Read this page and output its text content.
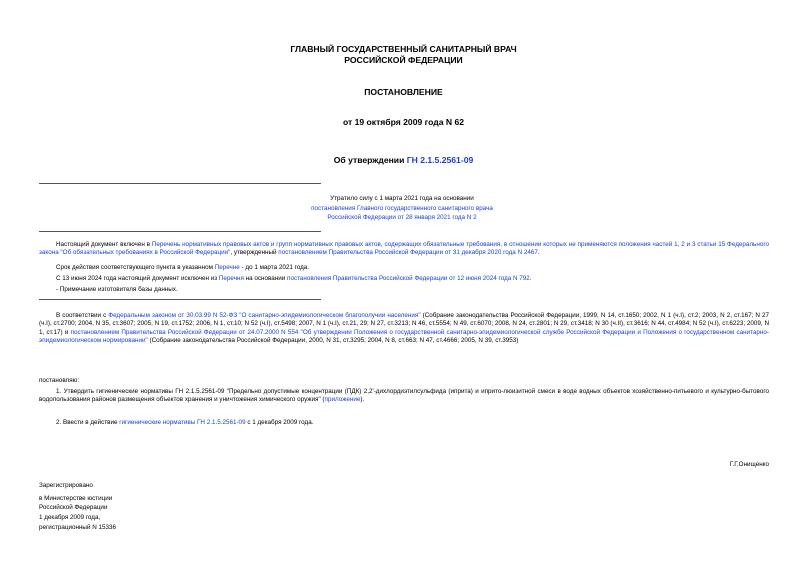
ГЛАВНЫЙ ГОСУДАРСТВЕННЫЙ САНИТАРНЫЙ ВРАЧ
РОССИЙСКОЙ ФЕДЕРАЦИИ
ПОСТАНОВЛЕНИЕ
от 19 октября 2009 года N 62
Об утверждении ГН 2.1.5.2561-09
Утратило силу с 1 марта 2021 года на основании
постановления Главного государственного санитарного врача
Российской Федерации от 28 января 2021 года N 2
Настоящий документ включен в Перечень нормативных правовых актов и групп нормативных правовых актов, содержащих обязательные требования, в отношении которых не применяются положения частей 1, 2 и 3 статьи 15 Федерального закона "Об обязательных требованиях в Российской Федерации", утвержденный постановлением Правительства Российской Федерации от 31 декабря 2020 года N 2467.
Срок действия соответствующего пункта в указанном Перечне - до 1 марта 2021 года.
С 13 июня 2024 года настоящий документ исключен из Перечня на основании постановления Правительства Российской Федерации от 12 июня 2024 года N 792.
- Примечание изготовителя базы данных.
В соответствии с Федеральным законом от 30.03.99 N 52-ФЗ "О санитарно-эпидемиологическом благополучии населения" (Собрание законодательства Российской Федерации, 1999, N 14, ст.1650; 2002, N 1 (ч.I), ст.2; 2003, N 2, ст.167; N 27 (ч.I), ст.2700; 2004, N 35, ст.3607; 2005, N 19, ст.1752; 2006, N 1, ст.10; N 52 (ч.I), ст.5498; 2007, N 1 (ч.I), ст.21, 29; N 27, ст.3213; N 46, ст.5554; N 49, ст.6070; 2008, N 24, ст.2801; N 29, ст.3418; N 30 (ч.II), ст.3616; N 44, ст.4984; N 52 (ч.I), ст.6223; 2009, N 1, ст.17) и постановлением Правительства Российской Федерации от 24.07.2000 N 554 "Об утверждении Положения о государственной санитарно-эпидемиологической службе Российской Федерации и Положения о государственном санитарно-эпидемиологическом нормировании" (Собрание законодательства Российской Федерации, 2000, N 31, ст.3295; 2004, N 8, ст.663; N 47, ст.4666; 2005, N 39, ст.3953)
постановляю:
1. Утвердить гигиенические нормативы ГН 2.1.5.2561-09 "Предельно допустимые концентрации (ПДК) 2,2'-дихлордиэтилсульфида (иприта) и иприто-люизитной смеси в воде водных объектов хозяйственно-питьевого и культурно-бытового водопользования районов размещения объектов хранения и уничтожения химического оружия" (приложение).
2. Ввести в действие гигиенические нормативы ГН 2.1.5.2561-09 с 1 декабря 2009 года.
Г.Г.Онищенко
Зарегистрировано
в Министерстве юстиции
Российской Федерации
1 декабря 2009 года,
регистрационный N 15336
